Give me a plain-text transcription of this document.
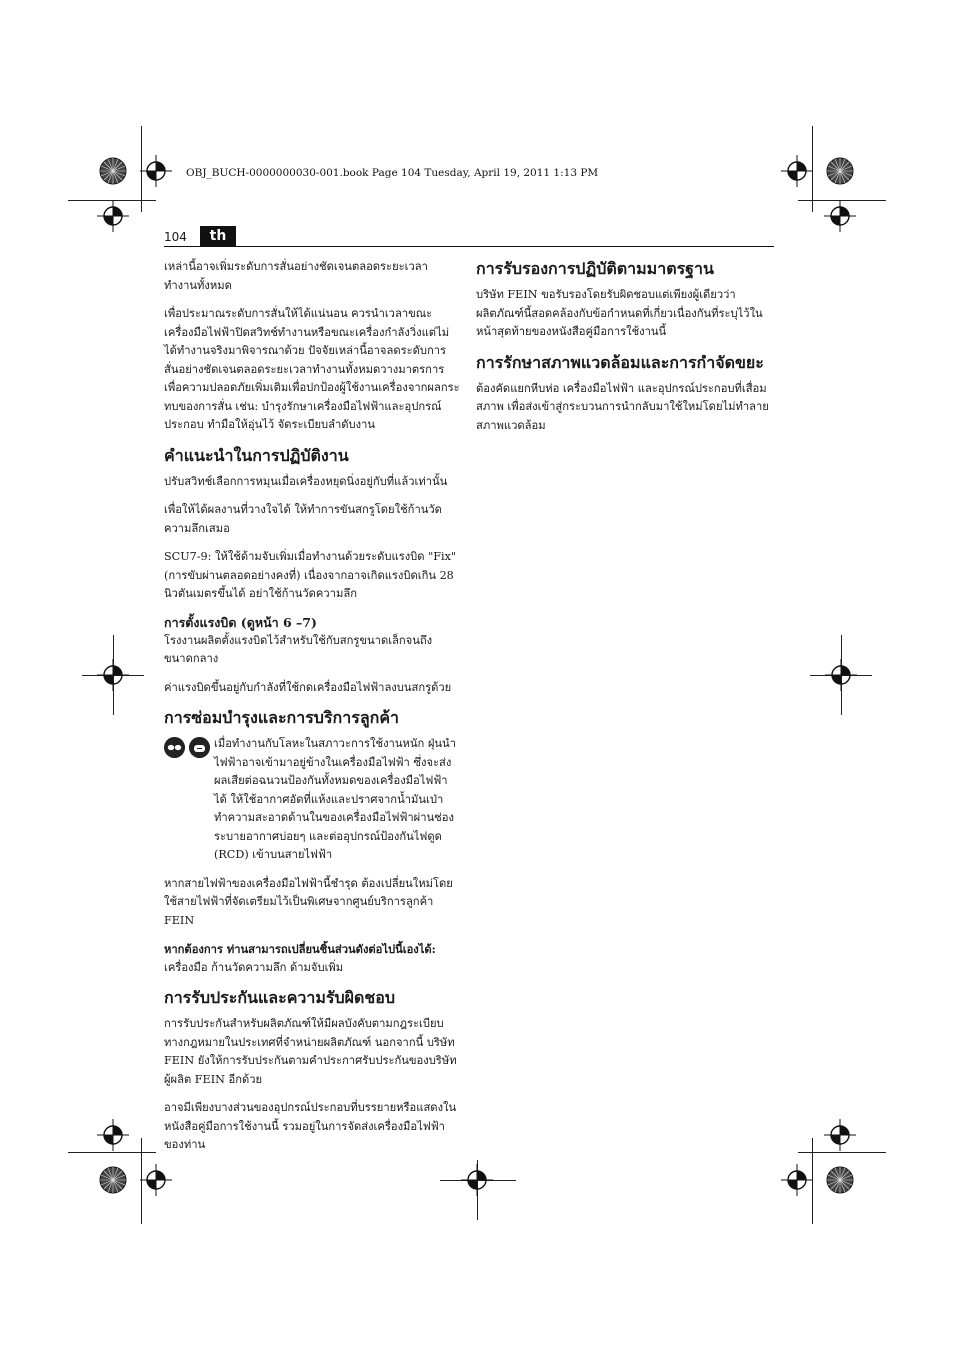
OBJ_BUCH-0000000030-001.book Page 104 Tuesday, April 19, 2011 1:13 PM
104	th

เหล่านี้อาจเพิ่มระดับการสั่นอย่างชัดเจนตลอดระยะเวลาทำงานทั้งหมด

เพื่อประมาณระดับการสั่นให้ได้แน่นอน ควรนำเวลาขณะเครื่องมือไฟฟ้าปิดสวิทช์ทำงานหรือขณะเครื่องกำลังวิ่งแต่ไม่ได้ทำงานจริงมาพิจารณาด้วย ปัจจัยเหล่านี้อาจลดระดับการสั่นอย่างชัดเจนตลอดระยะเวลาทำงานทั้งหมดวางมาตรการเพื่อความปลอดภัยเพิ่มเติมเพื่อปกป้องผู้ใช้งานเครื่องจากผลกระทบของการสั่น เช่น: บำรุงรักษาเครื่องมือไฟฟ้าและอุปกรณ์ประกอบ ทำมือให้อุ่นไว้ จัดระเบียบลำดับงาน

คำแนะนำในการปฏิบัติงาน

ปรับสวิทช์เลือกการหมุนเมื่อเครื่องหยุดนิ่งอยู่กับที่แล้วเท่านั้น

เพื่อให้ได้ผลงานที่วางใจได้ ให้ทำการขันสกรูโดยใช้ก้านวัดความลึกเสมอ

SCU7-9: ให้ใช้ด้ามจับเพิ่มเมื่อทำงานด้วยระดับแรงบิด "Fix" (การขับผ่านตลอดอย่างคงที่) เนื่องจากอาจเกิดแรงบิดเกิน 28 นิวตันเมตรขึ้นได้ อย่าใช้ก้านวัดความลึก

การตั้งแรงบิด (ดูหน้า 6 –7)

โรงงานผลิตตั้งแรงบิดไว้สำหรับใช้กับสกรูขนาดเล็กจนถึงขนาดกลาง

ค่าแรงบิดขึ้นอยู่กับกำลังที่ใช้กดเครื่องมือไฟฟ้าลงบนสกรูด้วย

การซ่อมบำรุงและการบริการลูกค้า

เมื่อทำงานกับโลหะในสภาวะการใช้งานหนัก ฝุ่นนำไฟฟ้าอาจเข้ามาอยู่ข้างในเครื่องมือไฟฟ้า ซึ่งจะส่งผลเสียต่อฉนวนป้องกันทั้งหมดของเครื่องมือไฟฟ้าได้ ให้ใช้อากาศอัดที่แห้งและปราศจากน้ำมันเป่าทำความสะอาดด้านในของเครื่องมือไฟฟ้าผ่านช่องระบายอากาศบ่อยๆ และต่ออุปกรณ์ป้องกันไฟดูด (RCD) เข้าบนสายไฟฟ้า

หากสายไฟฟ้าของเครื่องมือไฟฟ้านี้ชำรุด ต้องเปลี่ยนใหม่โดยใช้สายไฟฟ้าที่จัดเตรียมไว้เป็นพิเศษจากศูนย์บริการลูกค้า FEIN

หากต้องการ ท่านสามารถเปลี่ยนชิ้นส่วนดังต่อไปนี้เองได้:

เครื่องมือ ก้านวัดความลึก ด้ามจับเพิ่ม

การรับประกันและความรับผิดชอบ

การรับประกันสำหรับผลิตภัณฑ์ให้มีผลบังคับตามกฎระเบียบทางกฎหมายในประเทศที่จำหน่ายผลิตภัณฑ์ นอกจากนี้ บริษัท FEIN ยังให้การรับประกันตามคำประกาศรับประกันของบริษัทผู้ผลิต FEIN อีกด้วย

อาจมีเพียงบางส่วนของอุปกรณ์ประกอบที่บรรยายหรือแสดงในหนังสือคู่มือการใช้งานนี้ รวมอยู่ในการจัดส่งเครื่องมือไฟฟ้าของท่าน

การรับรองการปฏิบัติตามมาตรฐาน

บริษัท FEIN ขอรับรองโดยรับผิดชอบแต่เพียงผู้เดียวว่าผลิตภัณฑ์นี้สอดคล้องกับข้อกำหนดที่เกี่ยวเนื่องกันที่ระบุไว้ในหน้าสุดท้ายของหนังสือคู่มือการใช้งานนี้

การรักษาสภาพแวดล้อมและการกำจัดขยะ

ต้องคัดแยกหีบห่อ เครื่องมือไฟฟ้า และอุปกรณ์ประกอบที่เสื่อมสภาพ เพื่อส่งเข้าสู่กระบวนการนำกลับมาใช้ใหม่โดยไม่ทำลายสภาพแวดล้อม
